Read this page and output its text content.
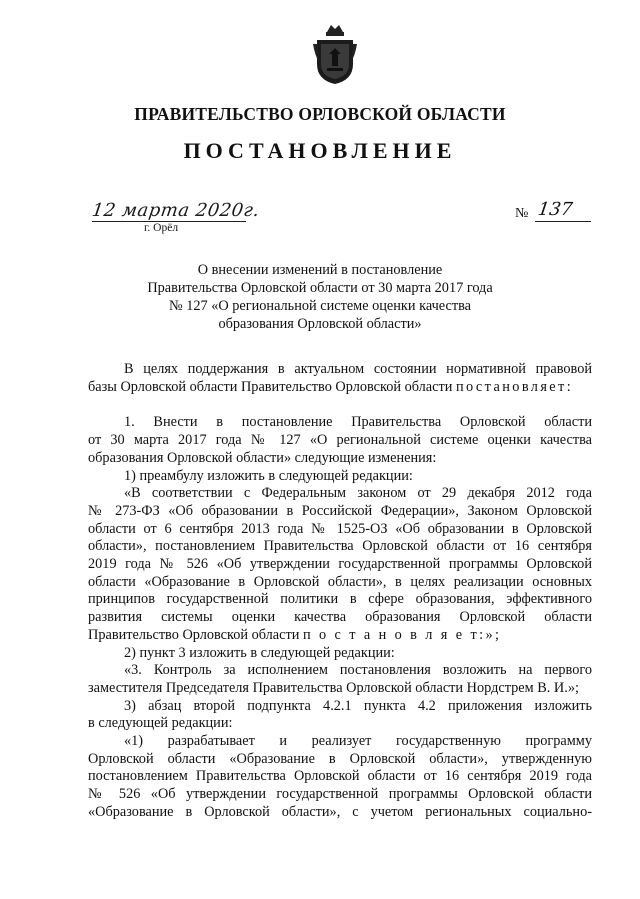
ПРАВИТЕЛЬСТВО ОРЛОВСКОЙ ОБЛАСТИ
ПОСТАНОВЛЕНИЕ
12 марта 2020г.
г. Орёл
№ 137
О внесении изменений в постановление
Правительства Орловской области от 30 марта 2017 года
№ 127 «О региональной системе оценки качества
образования Орловской области»
В целях поддержания в актуальном состоянии нормативной правовой
базы Орловской области Правительство Орловской области постановляет:
1. Внести в постановление Правительства Орловской области
от 30 марта 2017 года № 127 «О региональной системе оценки качества
образования Орловской области» следующие изменения:
1) преамбулу изложить в следующей редакции:
«В соответствии с Федеральным законом от 29 декабря 2012 года
№ 273-ФЗ «Об образовании в Российской Федерации», Законом Орловской
области от 6 сентября 2013 года № 1525-ОЗ «Об образовании в Орловской
области», постановлением Правительства Орловской области от 16 сентября
2019 года № 526 «Об утверждении государственной программы Орловской
области «Образование в Орловской области», в целях реализации основных
принципов государственной политики в сфере образования, эффективного
развития системы оценки качества образования Орловской области
Правительство Орловской области п о с т а н о в л я е т:»;
2) пункт 3 изложить в следующей редакции:
«3. Контроль за исполнением постановления возложить на первого
заместителя Председателя Правительства Орловской области Нордстрем В. И.»;
3) абзац второй подпункта 4.2.1 пункта 4.2 приложения изложить
в следующей редакции:
«1) разрабатывает и реализует государственную программу
Орловской области «Образование в Орловской области», утвержденную
постановлением Правительства Орловской области от 16 сентября 2019 года
№ 526 «Об утверждении государственной программы Орловской области
«Образование в Орловской области», с учетом региональных социально-
